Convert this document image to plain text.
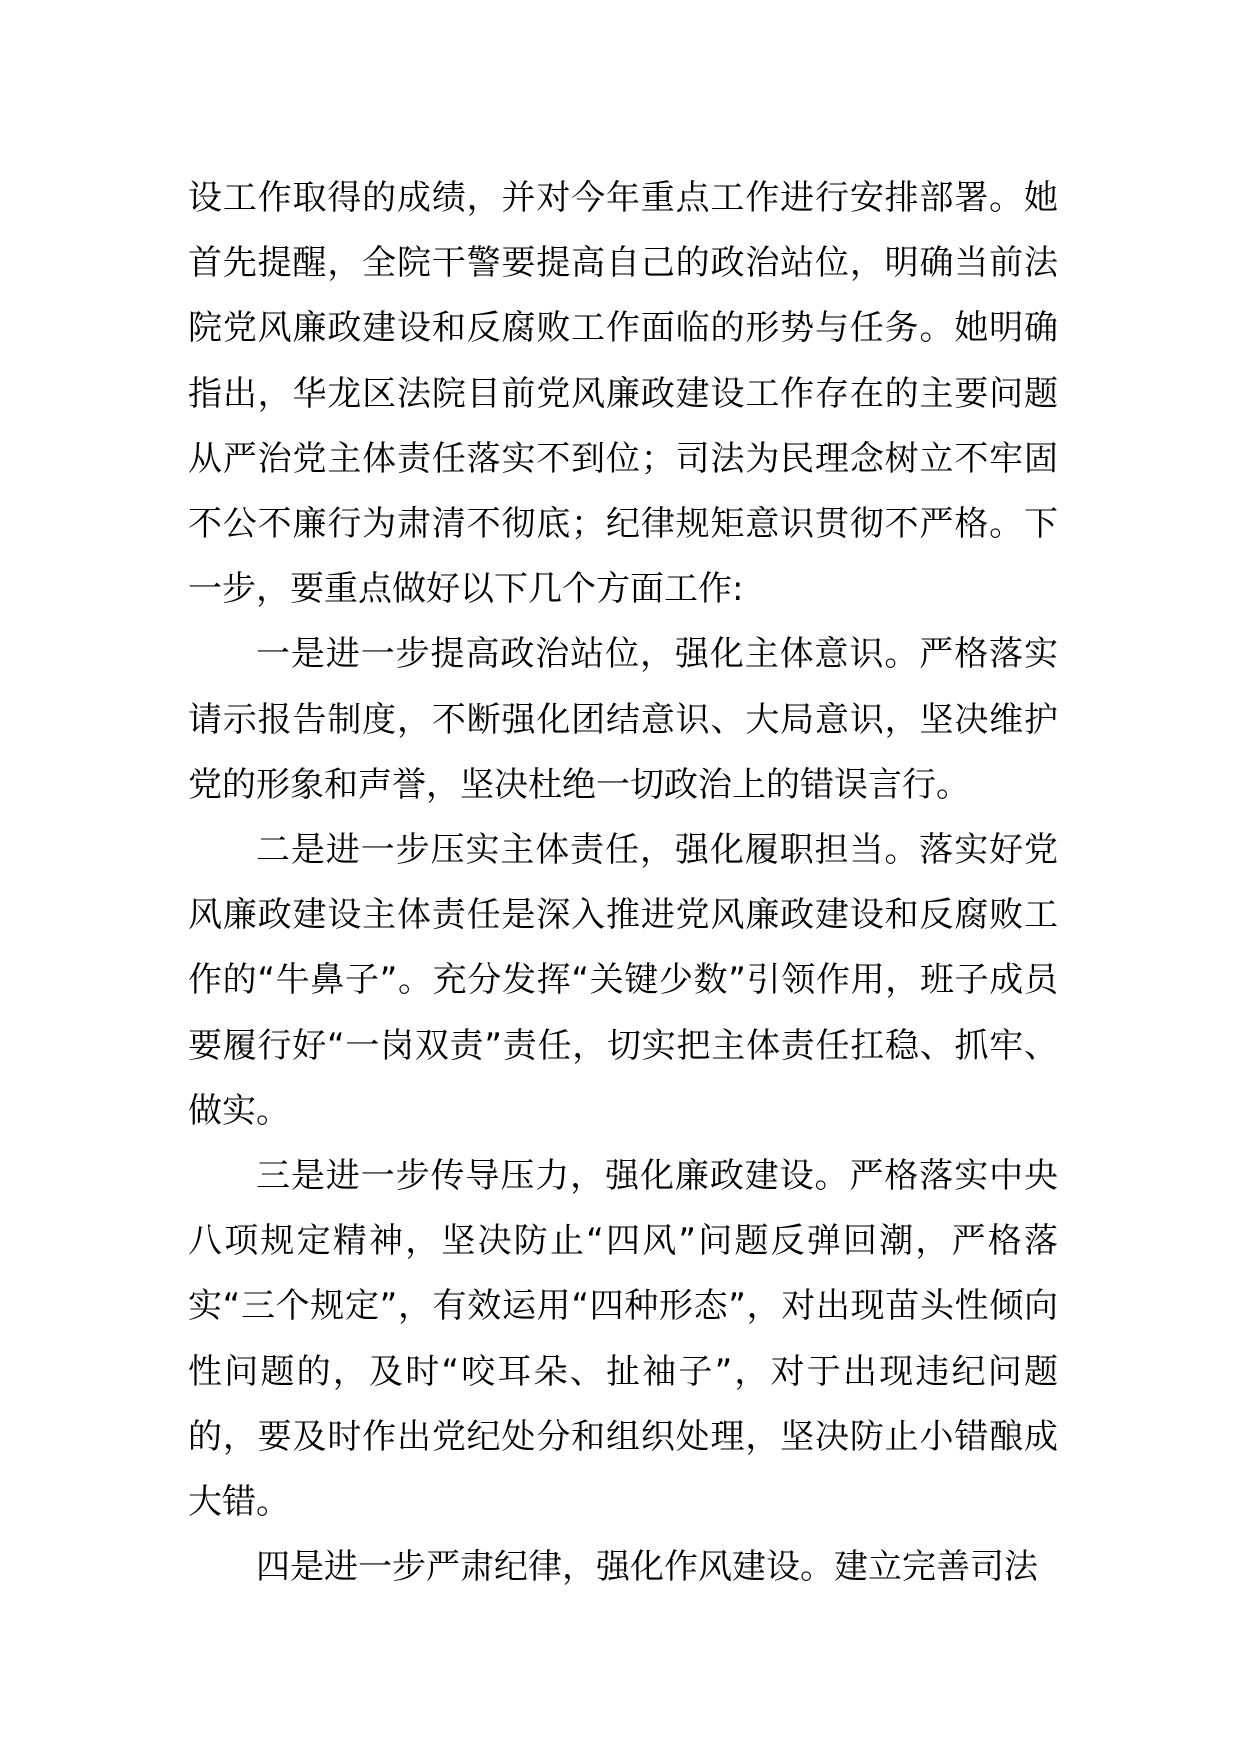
设工作取得的成绩，并对今年重点工作进行安排部署。她首先提醒，全院干警要提高自己的政治站位，明确当前法院党风廉政建设和反腐败工作面临的形势与任务。她明确指出，华龙区法院目前党风廉政建设工作存在的主要问题从严治党主体责任落实不到位；司法为民理念树立不牢固不公不廉行为肃清不彻底；纪律规矩意识贯彻不严格。下一步，要重点做好以下几个方面工作:

一是进一步提高政治站位，强化主体意识。严格落实请示报告制度，不断强化团结意识、大局意识，坚决维护党的形象和声誉，坚决杜绝一切政治上的错误言行。

二是进一步压实主体责任，强化履职担当。落实好党风廉政建设主体责任是深入推进党风廉政建设和反腐败工作的“牛鼻子”。充分发挥“关键少数”引领作用，班子成员要履行好“一岗双责”责任，切实把主体责任扛稳、抓牢、做实。

三是进一步传导压力，强化廉政建设。严格落实中央八项规定精神，坚决防止“四风”问题反弹回潮，严格落实“三个规定”，有效运用“四种形态”，对出现苗头性倾向性问题的，及时“咬耳朵、扯袖子”，对于出现违纪问题的，要及时作出党纪处分和组织处理，坚决防止小错酿成大错。

四是进一步严肃纪律，强化作风建设。建立完善司法
